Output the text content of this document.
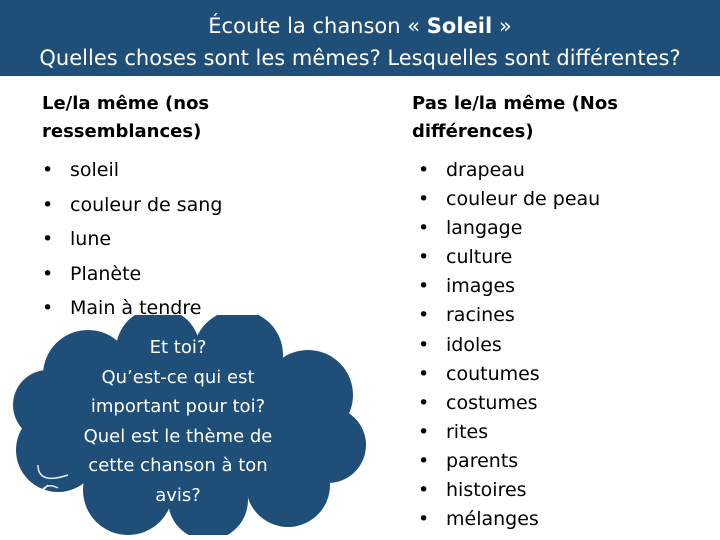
Écoute la chanson « Soleil »
Quelles choses sont les mêmes? Lesquelles sont différentes?
Le/la même (nos ressemblances)
Pas le/la même (Nos différences)
• soleil
• couleur de sang
• lune
• Planète
• Main à tendre
• drapeau
• couleur de peau
• langage
• culture
• images
• racines
• idoles
• coutumes
• costumes
• rites
• parents
• histoires
• mélanges
Et toi?
Qu’est-ce qui est
important pour toi?
Quel est le thème de
cette chanson à ton
avis?
